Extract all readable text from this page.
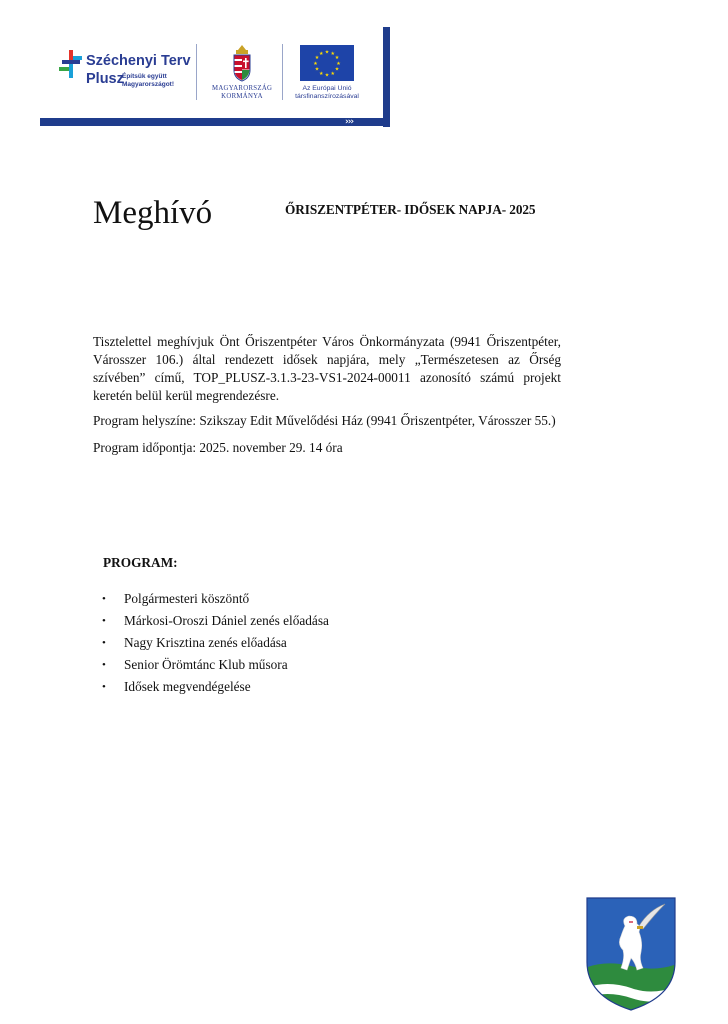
›››
Széchenyi Terv
Plusz
Építsük együtt
Magyarországot!
MAGYARORSZÁG
KORMÁNYA
★ ★
★
★
★
★
★
★
★
★
★
★
Az Európai Unió
társfinanszírozásával
Meghívó	ŐRISZENTPÉTER- IDŐSEK NAPJA- 2025
Tisztelettel meghívjuk Önt Őriszentpéter Város Önkormányzata (9941 Őriszentpéter, Városszer 106.) által rendezett idősek napjára, mely „Természetesen az Őrség szívében” című, TOP_PLUSZ-3.1.3-23-VS1-2024-00011 azonosító számú projekt keretén belül kerül megrendezésre.
Program helyszíne: Szikszay Edit Művelődési Ház (9941 Őriszentpéter, Városszer 55.)
Program időpontja: 2025. november 29. 14 óra
PROGRAM:
• Polgármesteri köszöntő
• Márkosi-Oroszi Dániel zenés előadása
• Nagy Krisztina zenés előadása
• Senior Örömtánc Klub műsora
• Idősek megvendégelése
